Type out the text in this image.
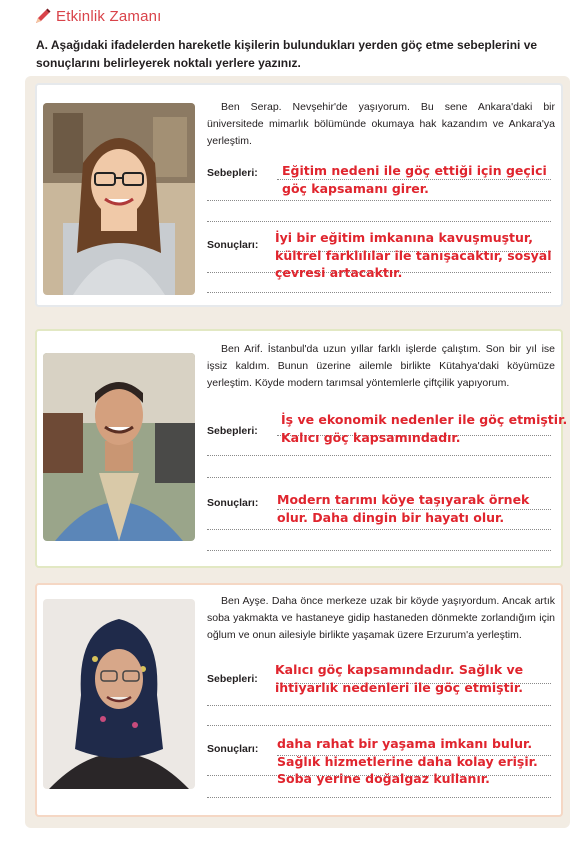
Etkinlik Zamanı
A. Aşağıdaki ifadelerden hareketle kişilerin bulundukları yerden göç etme sebeplerini ve sonuçlarını belirleyerek noktalı yerlere yazınız.

Ben Serap. Nevşehir'de yaşıyorum. Bu sene Ankara'daki bir üniversitede mimarlık bölümünde okumaya hak kazandım ve Ankara'ya yerleştim.

Sebepleri:
Sonuçları:
Eğitim nedeni ile göç ettiği için geçici
göç kapsamanı girer.
İyi bir eğitim imkanına kavuşmuştur,
kültrel farklılılar ile tanışacaktır, sosyal
çevresi artacaktır.

Ben Arif. İstanbul'da uzun yıllar farklı işlerde çalıştım. Son bir yıl ise işsiz kaldım. Bunun üzerine ailemle birlikte Kütahya'daki köyümüze yerleştim. Köyde modern tarımsal yöntemlerle çiftçilik yapıyorum.

Sebepleri:
Sonuçları:
İş ve ekonomik nedenler ile göç etmiştir.
Kalıcı göç kapsamındadır.
Modern tarımı köye taşıyarak örnek
olur. Daha dingin bir hayatı olur.

Ben Ayşe. Daha önce merkeze uzak bir köyde yaşıyordum. Ancak artık soba yakmakta ve hastaneye gidip hastaneden dönmekte zorlandığım için oğlum ve onun ailesiyle birlikte yaşamak üzere Erzurum'a yerleştim.

Sebepleri:
Sonuçları:
Kalıcı göç kapsamındadır. Sağlık ve
ihtiyarlık nedenleri ile göç etmiştir.
daha rahat bir yaşama imkanı bulur.
Sağlık hizmetlerine daha kolay erişir.
Soba yerine doğalgaz kullanır.
